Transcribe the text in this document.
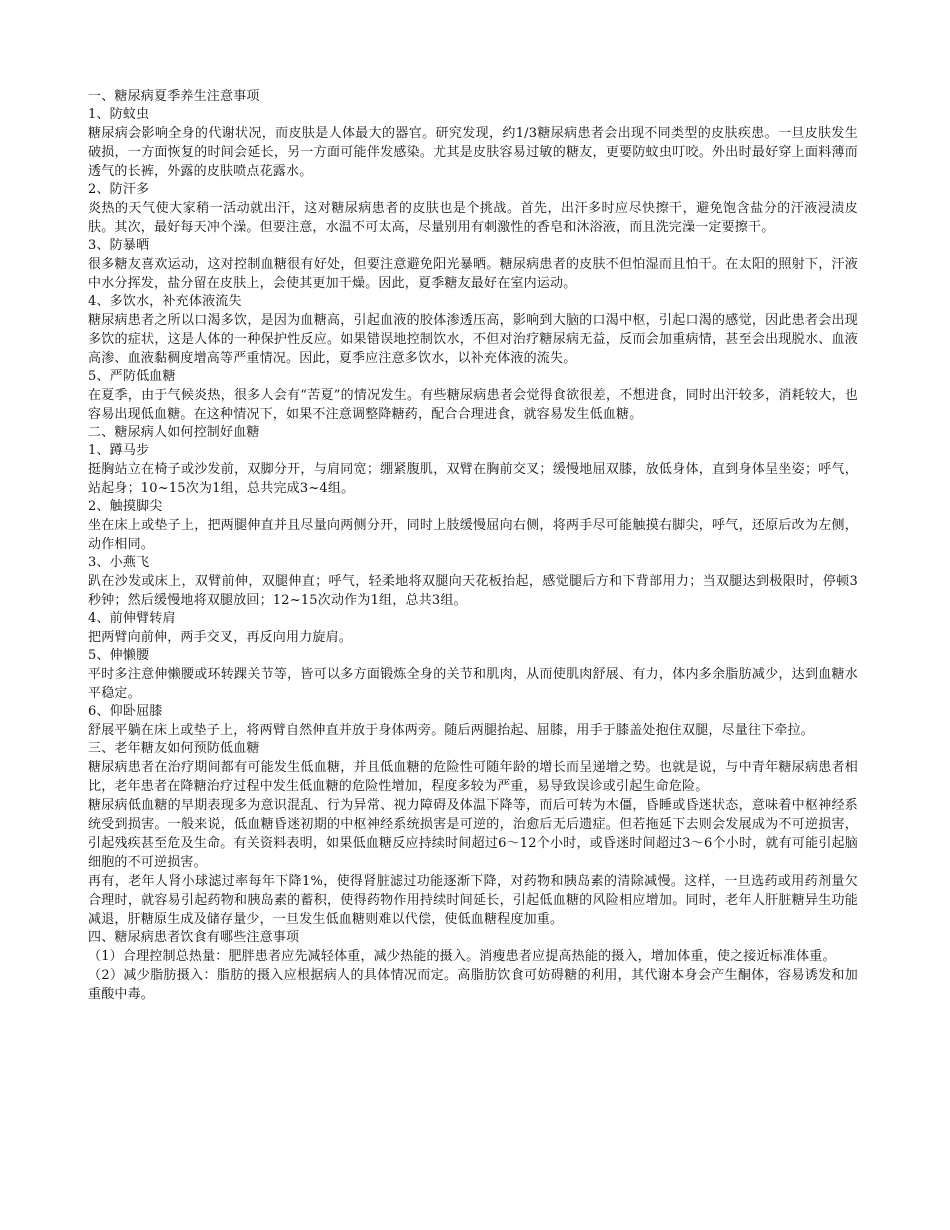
一、糖尿病夏季养生注意事项

1、防蚊虫

糖尿病会影响全身的代谢状况，而皮肤是人体最大的器官。研究发现，约1/3糖尿病患者会出现不同类型的皮肤疾患。一旦皮肤发生破损，一方面恢复的时间会延长，另一方面可能伴发感染。尤其是皮肤容易过敏的糖友，更要防蚊虫叮咬。外出时最好穿上面料薄而透气的长裤，外露的皮肤喷点花露水。

2、防汗多

炎热的天气使大家稍一活动就出汗，这对糖尿病患者的皮肤也是个挑战。首先，出汗多时应尽快擦干，避免饱含盐分的汗液浸渍皮肤。其次，最好每天冲个澡。但要注意，水温不可太高，尽量别用有刺激性的香皂和沐浴液，而且洗完澡一定要擦干。

3、防暴晒

很多糖友喜欢运动，这对控制血糖很有好处，但要注意避免阳光暴晒。糖尿病患者的皮肤不但怕湿而且怕干。在太阳的照射下，汗液中水分挥发，盐分留在皮肤上，会使其更加干燥。因此，夏季糖友最好在室内运动。

4、多饮水，补充体液流失

糖尿病患者之所以口渴多饮，是因为血糖高，引起血液的胶体渗透压高，影响到大脑的口渴中枢，引起口渴的感觉，因此患者会出现多饮的症状，这是人体的一种保护性反应。如果错误地控制饮水，不但对治疗糖尿病无益，反而会加重病情，甚至会出现脱水、血液高渗、血液黏稠度增高等严重情况。因此，夏季应注意多饮水，以补充体液的流失。

5、严防低血糖

在夏季，由于气候炎热，很多人会有“苦夏”的情况发生。有些糖尿病患者会觉得食欲很差，不想进食，同时出汗较多，消耗较大，也容易出现低血糖。在这种情况下，如果不注意调整降糖药，配合合理进食，就容易发生低血糖。

二、糖尿病人如何控制好血糖

1、蹲马步

挺胸站立在椅子或沙发前，双脚分开，与肩同宽；绷紧腹肌，双臂在胸前交叉；缓慢地屈双膝，放低身体，直到身体呈坐姿；呼气，站起身；10~15次为1组，总共完成3~4组。

2、触摸脚尖

坐在床上或垫子上，把两腿伸直并且尽量向两侧分开，同时上肢缓慢屈向右侧，将两手尽可能触摸右脚尖，呼气，还原后改为左侧，动作相同。

3、小燕飞

趴在沙发或床上，双臂前伸，双腿伸直；呼气，轻柔地将双腿向天花板抬起，感觉腿后方和下背部用力；当双腿达到极限时，停顿3秒钟；然后缓慢地将双腿放回；12~15次动作为1组，总共3组。

4、前伸臂转肩

把两臂向前伸，两手交叉，再反向用力旋肩。

5、伸懒腰

平时多注意伸懒腰或环转踝关节等，皆可以多方面锻炼全身的关节和肌肉，从而使肌肉舒展、有力，体内多余脂肪减少，达到血糖水平稳定。

6、仰卧屈膝

舒展平躺在床上或垫子上，将两臂自然伸直并放于身体两旁。随后两腿抬起、屈膝，用手于膝盖处抱住双腿，尽量往下牵拉。

三、老年糖友如何预防低血糖

糖尿病患者在治疗期间都有可能发生低血糖，并且低血糖的危险性可随年龄的增长而呈递增之势。也就是说，与中青年糖尿病患者相比，老年患者在降糖治疗过程中发生低血糖的危险性增加，程度多较为严重，易导致误诊或引起生命危险。

糖尿病低血糖的早期表现多为意识混乱、行为异常、视力障碍及体温下降等，而后可转为木僵，昏睡或昏迷状态，意味着中枢神经系统受到损害。一般来说，低血糖昏迷初期的中枢神经系统损害是可逆的，治愈后无后遗症。但若拖延下去则会发展成为不可逆损害，引起残疾甚至危及生命。有关资料表明，如果低血糖反应持续时间超过6～12个小时，或昏迷时间超过3～6个小时，就有可能引起脑细胞的不可逆损害。

再有，老年人肾小球滤过率每年下降1%，使得肾脏滤过功能逐渐下降，对药物和胰岛素的清除减慢。这样，一旦选药或用药剂量欠合理时，就容易引起药物和胰岛素的蓄积，使得药物作用持续时间延长，引起低血糖的风险相应增加。同时，老年人肝脏糖异生功能减退，肝糖原生成及储存量少，一旦发生低血糖则难以代偿，使低血糖程度加重。

四、糖尿病患者饮食有哪些注意事项

（1）合理控制总热量：肥胖患者应先减轻体重，减少热能的摄入。消瘦患者应提高热能的摄入，增加体重，使之接近标准体重。

（2）减少脂肪摄入：脂肪的摄入应根据病人的具体情况而定。高脂肪饮食可妨碍糖的利用，其代谢本身会产生酮体，容易诱发和加重酸中毒。
